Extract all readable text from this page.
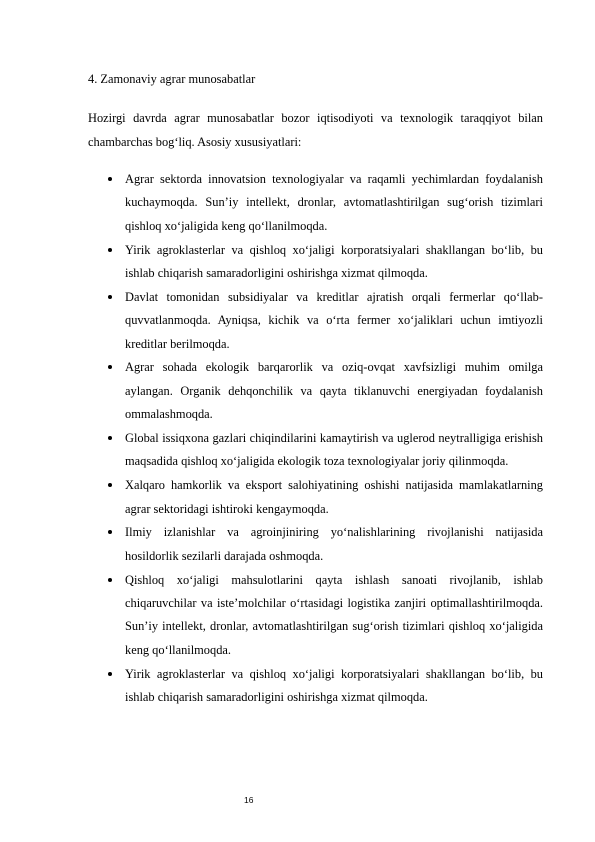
4. Zamonaviy agrar munosabatlar

Hozirgi davrda agrar munosabatlar bozor iqtisodiyoti va texnologik taraqqiyot bilan chambarchas bog‘liq. Asosiy xususiyatlari:

Agrar sektorda innovatsion texnologiyalar va raqamli yechimlardan foydalanish kuchaymoqda. Sun’iy intellekt, dronlar, avtomatlashtirilgan sug‘orish tizimlari qishloq xo‘jaligida keng qo‘llanilmoqda.
Yirik agroklasterlar va qishloq xo‘jaligi korporatsiyalari shakllangan bo‘lib, bu ishlab chiqarish samaradorligini oshirishga xizmat qilmoqda.
Davlat tomonidan subsidiyalar va kreditlar ajratish orqali fermerlar qo‘llab-quvvatlanmoqda. Ayniqsa, kichik va o‘rta fermer xo‘jaliklari uchun imtiyozli kreditlar berilmoqda.
Agrar sohada ekologik barqarorlik va oziq-ovqat xavfsizligi muhim omilga aylangan. Organik dehqonchilik va qayta tiklanuvchi energiyadan foydalanish ommalashmoqda.
Global issiqxona gazlari chiqindilarini kamaytirish va uglerod neytralligiga erishish maqsadida qishloq xo‘jaligida ekologik toza texnologiyalar joriy qilinmoqda.
Xalqaro hamkorlik va eksport salohiyatining oshishi natijasida mamlakatlarning agrar sektoridagi ishtiroki kengaymoqda.
Ilmiy izlanishlar va agroinjiniring yo‘nalishlarining rivojlanishi natijasida hosildorlik sezilarli darajada oshmoqda.
Qishloq xo‘jaligi mahsulotlarini qayta ishlash sanoati rivojlanib, ishlab chiqaruvchilar va iste’molchilar o‘rtasidagi logistika zanjiri optimallashtirilmoqda. Sun’iy intellekt, dronlar, avtomatlashtirilgan sug‘orish tizimlari qishloq xo‘jaligida keng qo‘llanilmoqda.
Yirik agroklasterlar va qishloq xo‘jaligi korporatsiyalari shakllangan bo‘lib, bu ishlab chiqarish samaradorligini oshirishga xizmat qilmoqda.
16
